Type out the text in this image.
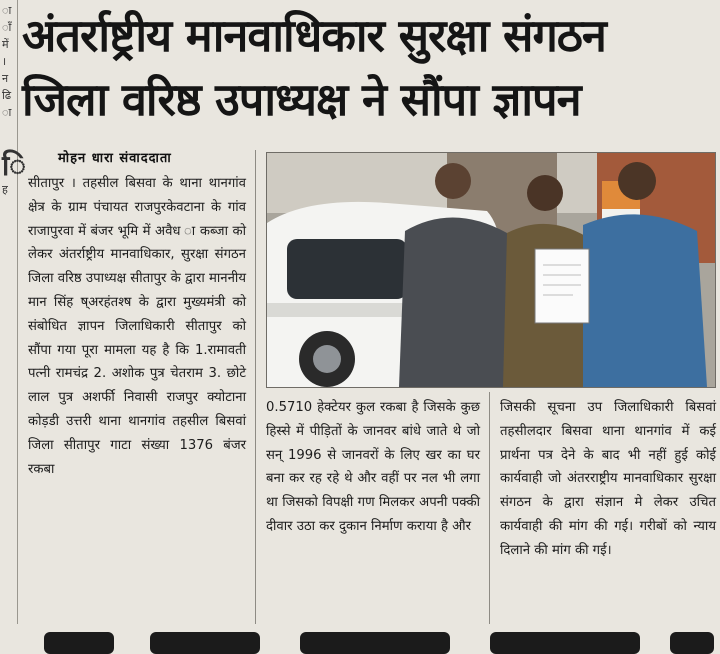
ा
ाँ
में
।
न
ढि
ा
ि
ह
अंतर्राष्ट्रीय मानवाधिकार सुरक्षा संगठन
जिला वरिष्ठ उपाध्यक्ष ने सौंपा ज्ञापन
मोहन धारा संवाददाता
सीतापुर । तहसील बिसवा के थाना थानगांव क्षेत्र के ग्राम पंचायत राजपुरकेवटाना के गांव राजापुरवा में बंजर भूमि में अवैध ा कब्जा को लेकर अंतर्राष्ट्रीय मानवाधिकार, सुरक्षा संगठन जिला वरिष्ठ उपाध्यक्ष सीतापुर के द्वारा माननीय मान सिंह ष्अरहंतश्ष के द्वारा मुख्यमंत्री को संबोधित ज्ञापन जिलाधिकारी सीतापुर को सौंपा गया पूरा मामला यह है कि 1.रामावती पत्नी रामचंद्र 2. अशोक पुत्र चेतराम 3. छोटे लाल पुत्र अशर्फी निवासी राजपुर क्योटाना कोड़डी उत्तरी थाना थानगांव तहसील बिसवां जिला सीतापुर गाटा संख्या 1376 बंजर रकबा
0.5710 हेक्टेयर कुल रकबा है जिसके कुछ हिस्से में पीड़ितों के जानवर बांधे जाते थे जो सन् 1996 से जानवरों के लिए खर का घर बना कर रह रहे थे और वहीं पर नल भी लगा था जिसको विपक्षी गण मिलकर अपनी पक्की दीवार उठा कर दुकान निर्माण कराया है और
जिसकी सूचना उप जिलाधिकारी बिसवां तहसीलदार बिसवा थाना थानगांव में कई प्रार्थना पत्र देने के बाद भी नहीं हुई कोई कार्यवाही जो अंतरराष्ट्रीय मानवाधिकार सुरक्षा संगठन के द्वारा संज्ञान मे लेकर उचित कार्यवाही की मांग की गई। गरीबों को न्याय दिलाने की मांग की गई।
